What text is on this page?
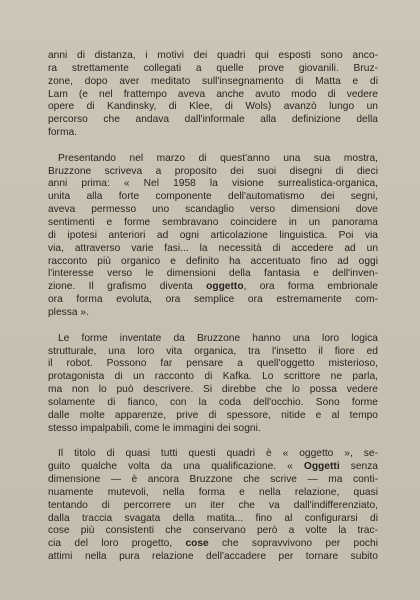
anni di distanza, i motivi dei quadri qui esposti sono anco-
ra strettamente collegati a quelle prove giovanili. Bruz-
zone, dopo aver meditato sull'insegnamento di Matta e di
Lam (e nel frattempo aveva anche avuto modo di vedere
opere di Kandinsky, di Klee, di Wols) avanzò lungo un
percorso che andava dall'informale alla definizione della
forma.

Presentando nel marzo di quest'anno una sua mostra,
Bruzzone scriveva a proposito dei suoi disegni di dieci
anni prima: « Nel 1958 la visione surrealistica-organica,
unita alla forte componente dell'automatismo dei segni,
aveva permesso uno scandaglio verso dimensioni dove
sentimenti e forme sembravano coincidere in un panorama
di ipotesi anteriori ad ogni articolazione linguistica. Poi via
via, attraverso varie fasi... la necessità di accedere ad un
racconto più organico e definito ha accentuato fino ad oggi
l'interesse verso le dimensioni della fantasia e dell'inven-
zione. Il grafismo diventa oggetto, ora forma embrionale
ora forma evoluta, ora semplice ora estremamente com-
plessa ».

Le forme inventate da Bruzzone hanno una loro logica
strutturale, una loro vita organica, tra l'insetto il fiore ed
il robot. Possono far pensare a quell'oggetto misterioso,
protagonista di un racconto di Kafka. Lo scrittore ne parla,
ma non lo può descrivere. Si direbbe che lo possa vedere
solamente di fianco, con la coda dell'occhio. Sono forme
dalle molte apparenze, prive di spessore, nitide e al tempo
stesso impalpabili, come le immagini dei sogni.

Il titolo di quasi tutti questi quadri è « oggetto », se-
guito qualche volta da una qualificazione. « Oggetti senza
dimensione — è ancora Bruzzone che scrive — ma conti-
nuamente mutevoli, nella forma e nella relazione, quasi
tentando di percorrere un iter che va dall'indifferenziato,
dalla traccia svagata della matita... fino al configurarsi di
cose più consistenti che conservano però a volte la trac-
cia del loro progetto, cose che sopravvivono per pochi
attimi nella pura relazione dell'accadere per tornare subito
